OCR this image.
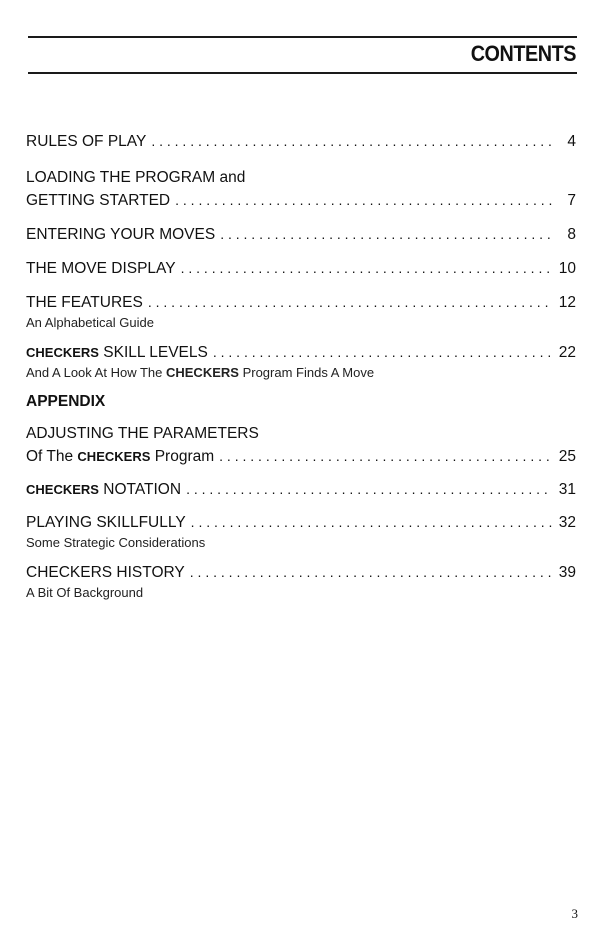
CONTENTS
RULES OF PLAY . . .	4
LOADING THE PROGRAM and
GETTING STARTED . . .	7
ENTERING YOUR MOVES . . .	8
THE MOVE DISPLAY . . .	10
THE FEATURES . . .	12
An Alphabetical Guide
CHECKERS SKILL LEVELS . . .	22
And A Look At How The CHECKERS Program Finds A Move
APPENDIX
ADJUSTING THE PARAMETERS
Of The CHECKERS Program . . .	25
CHECKERS NOTATION . . .	31
PLAYING SKILLFULLY . . .	32
Some Strategic Considerations
CHECKERS HISTORY . . .	39
A Bit Of Background
3
